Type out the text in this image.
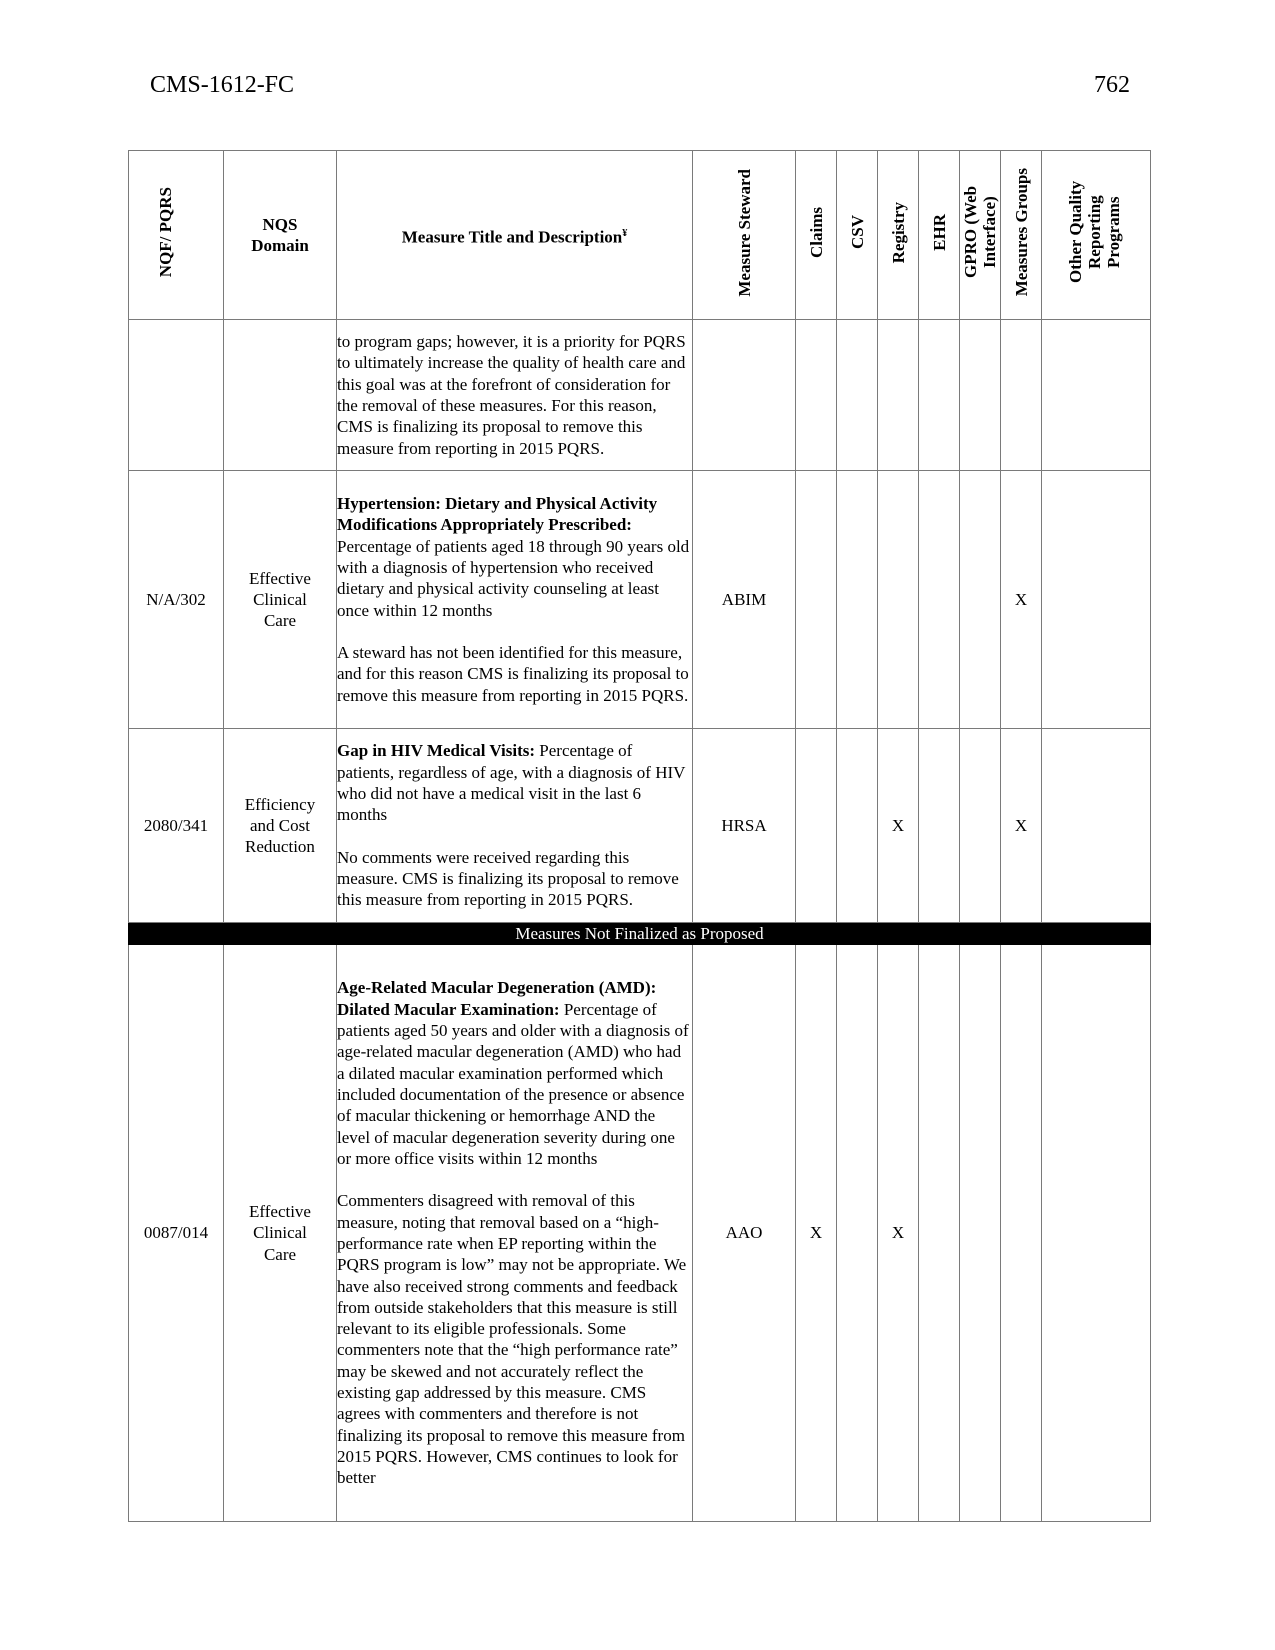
CMS-1612-FC	762
NQF/ PQRS	NQS Domain	Measure Title and Description¥	Measure Steward	Claims	CSV	Registry	EHR	GPRO (Web Interface)	Measures Groups	Other Quality Reporting Programs

		to program gaps; however, it is a priority for PQRS to ultimately increase the quality of health care and this goal was at the forefront of consideration for the removal of these measures. For this reason, CMS is finalizing its proposal to remove this measure from reporting in 2015 PQRS.								

N/A/302	Effective Clinical Care	Hypertension: Dietary and Physical Activity Modifications Appropriately Prescribed: Percentage of patients aged 18 through 90 years old with a diagnosis of hypertension who received dietary and physical activity counseling at least once within 12 months

A steward has not been identified for this measure, and for this reason CMS is finalizing its proposal to remove this measure from reporting in 2015 PQRS.	ABIM						X	
2080/341	Efficiency and Cost Reduction	Gap in HIV Medical Visits: Percentage of patients, regardless of age, with a diagnosis of HIV who did not have a medical visit in the last 6 months

No comments were received regarding this measure. CMS is finalizing its proposal to remove this measure from reporting in 2015 PQRS.	HRSA			X			X	
Measures Not Finalized as Proposed										
0087/014	Effective Clinical Care	Age-Related Macular Degeneration (AMD): Dilated Macular Examination: Percentage of patients aged 50 years and older with a diagnosis of age-related macular degeneration (AMD) who had a dilated macular examination performed which included documentation of the presence or absence of macular thickening or hemorrhage AND the level of macular degeneration severity during one or more office visits within 12 months

Commenters disagreed with removal of this measure, noting that removal based on a “high-performance rate when EP reporting within the PQRS program is low” may not be appropriate. We have also received strong comments and feedback from outside stakeholders that this measure is still relevant to its eligible professionals. Some commenters note that the “high performance rate” may be skewed and not accurately reflect the existing gap addressed by this measure. CMS agrees with commenters and therefore is not finalizing its proposal to remove this measure from 2015 PQRS. However, CMS continues to look for better	AAO	X		X				
